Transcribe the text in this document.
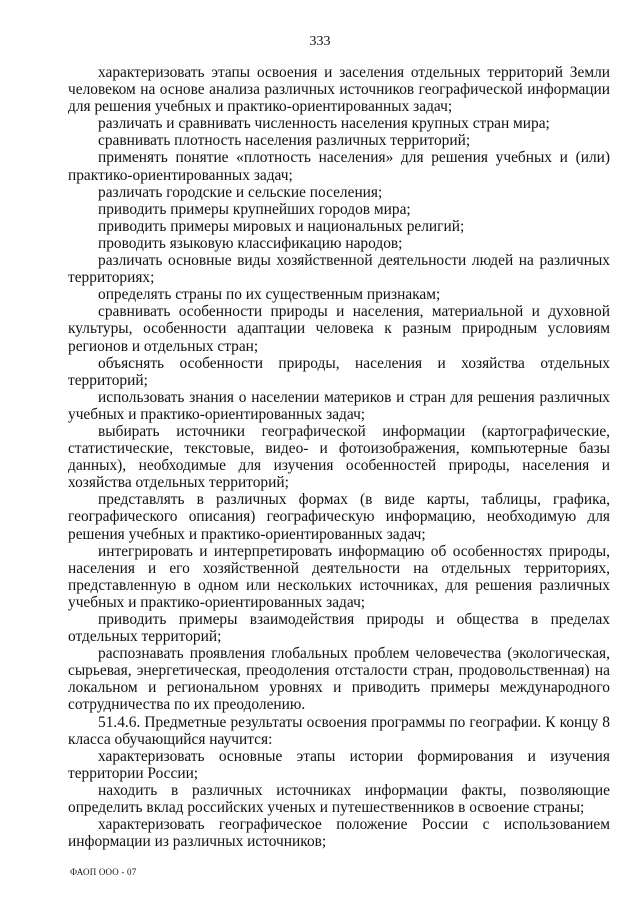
333

характеризовать этапы освоения и заселения отдельных территорий Земли человеком на основе анализа различных источников географической информации для решения учебных и практико-ориентированных задач;

различать и сравнивать численность населения крупных стран мира;

сравнивать плотность населения различных территорий;

применять понятие «плотность населения» для решения учебных и (или) практико-ориентированных задач;

различать городские и сельские поселения;

приводить примеры крупнейших городов мира;

приводить примеры мировых и национальных религий;

проводить языковую классификацию народов;

различать основные виды хозяйственной деятельности людей на различных территориях;

определять страны по их существенным признакам;

сравнивать особенности природы и населения, материальной и духовной культуры, особенности адаптации человека к разным природным условиям регионов и отдельных стран;

объяснять особенности природы, населения и хозяйства отдельных территорий;

использовать знания о населении материков и стран для решения различных учебных и практико-ориентированных задач;

выбирать источники географической информации (картографические, статистические, текстовые, видео- и фотоизображения, компьютерные базы данных), необходимые для изучения особенностей природы, населения и хозяйства отдельных территорий;

представлять в различных формах (в виде карты, таблицы, графика, географического описания) географическую информацию, необходимую для решения учебных и практико-ориентированных задач;

интегрировать и интерпретировать информацию об особенностях природы, населения и его хозяйственной деятельности на отдельных территориях, представленную в одном или нескольких источниках, для решения различных учебных и практико-ориентированных задач;

приводить примеры взаимодействия природы и общества в пределах отдельных территорий;

распознавать проявления глобальных проблем человечества (экологическая, сырьевая, энергетическая, преодоления отсталости стран, продовольственная) на локальном и региональном уровнях и приводить примеры международного сотрудничества по их преодолению.

51.4.6. Предметные результаты освоения программы по географии. К концу 8 класса обучающийся научится:

характеризовать основные этапы истории формирования и изучения территории России;

находить в различных источниках информации факты, позволяющие определить вклад российских ученых и путешественников в освоение страны;

характеризовать географическое положение России с использованием информации из различных источников;

ФАОП ООО - 07
